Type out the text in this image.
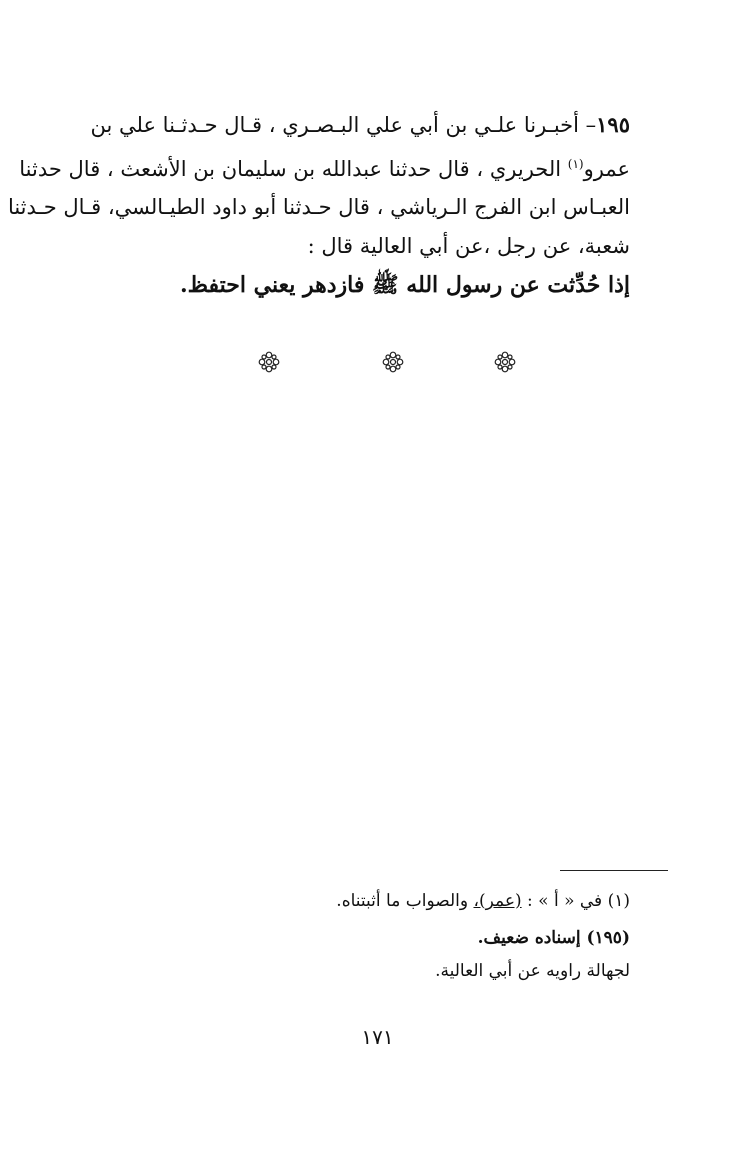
١٩٥– أخبـرنا علـي بن أبي علي البـصـري ، قـال حـدثـنا علي بن
عمرو$^{(١)}$ الحريري ، قال حدثنا عبدالله بن سليمان بن الأشعث ، قال حدثنا
العبـاس ابن الفرج الـرياشي ، قال حـدثنا أبو داود الطيـالسي، قـال حـدثنا
شعبة، عن رجل ،عن أبي العالية قال :
إذا حُدِّثت عن رسول الله ﷺ فازدهر يعني احتفظ.
(١) في « أ » : (عمر)، والصواب ما أثبتناه.
(١٩٥) إسناده ضعيف.
لجهالة راويه عن أبي العالية.
١٧١
